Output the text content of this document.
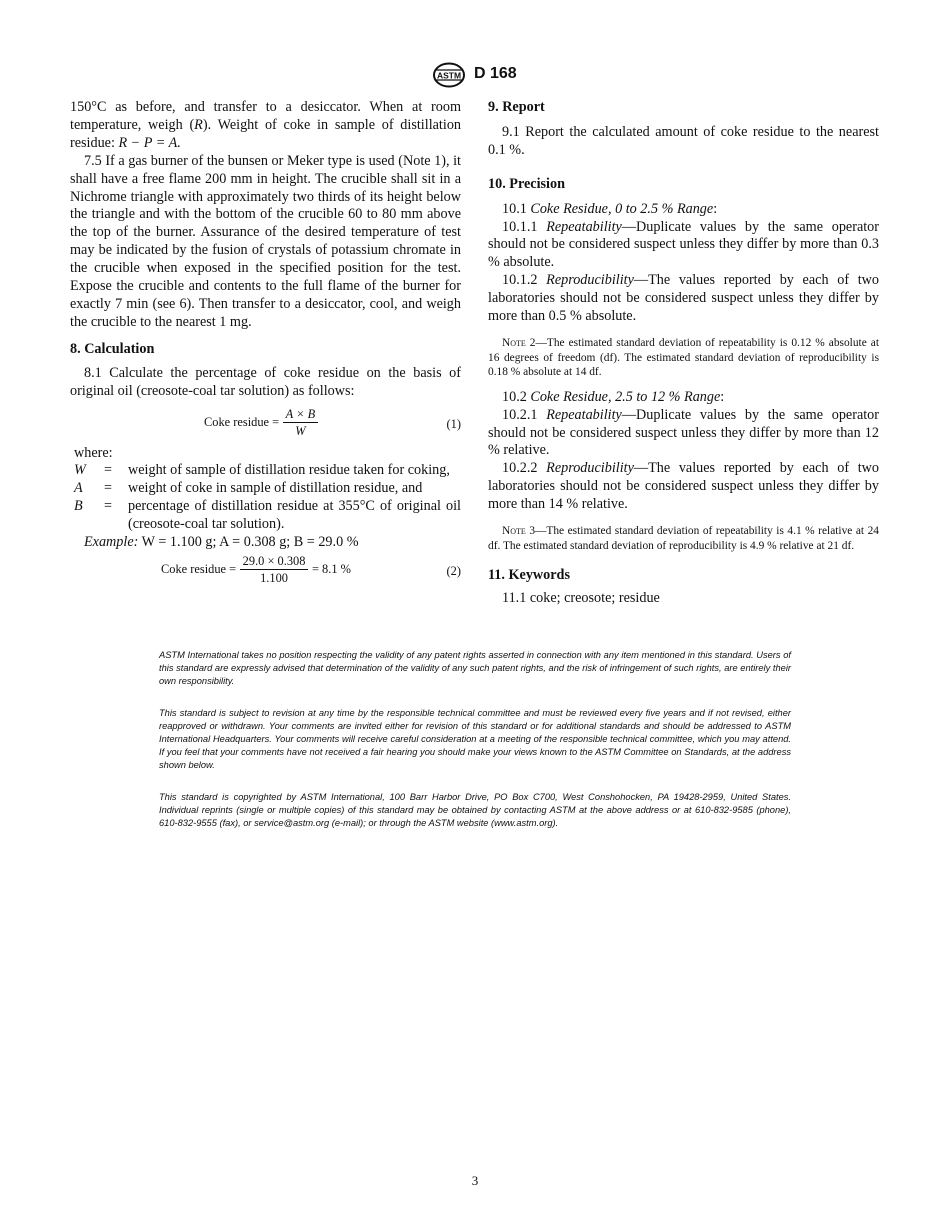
ASTM D 168

150°C as before, and transfer to a desiccator. When at room temperature, weigh (R). Weight of coke in sample of distillation residue: R − P = A.

7.5 If a gas burner of the bunsen or Meker type is used (Note 1), it shall have a free flame 200 mm in height. The crucible shall sit in a Nichrome triangle with approximately two thirds of its height below the triangle and with the bottom of the crucible 60 to 80 mm above the top of the burner. Assurance of the desired temperature of test may be indicated by the fusion of crystals of potassium chromate in the crucible when exposed in the specified position for the test. Expose the crucible and contents to the full flame of the burner for exactly 7 min (see 6). Then transfer to a desiccator, cool, and weigh the crucible to the nearest 1 mg.

8. Calculation

8.1 Calculate the percentage of coke residue on the basis of original oil (creosote-coal tar solution) as follows:

Coke residue = $\frac{A \times B}{W}$	(1)
where:
W	=	weight of sample of distillation residue taken for coking,
A	=	weight of coke in sample of distillation residue, and
B	=	percentage of distillation residue at 355°C of original oil (creosote-coal tar solution).
Example: W = 1.100 g; A = 0.308 g; B = 29.0 %
Coke residue = $\frac{29.0 \times 0.308}{1.100} = 8.1$ %	(2)
9. Report

9.1 Report the calculated amount of coke residue to the nearest 0.1 %.

10. Precision

10.1 Coke Residue, 0 to 2.5 % Range:

10.1.1 Repeatability—Duplicate values by the same operator should not be considered suspect unless they differ by more than 0.3 % absolute.

10.1.2 Reproducibility—The values reported by each of two laboratories should not be considered suspect unless they differ by more than 0.5 % absolute.

Note 2—The estimated standard deviation of repeatability is 0.12 % absolute at 16 degrees of freedom (df). The estimated standard deviation of reproducibility is 0.18 % absolute at 14 df.

10.2 Coke Residue, 2.5 to 12 % Range:

10.2.1 Repeatability—Duplicate values by the same operator should not be considered suspect unless they differ by more than 12 % relative.

10.2.2 Reproducibility—The values reported by each of two laboratories should not be considered suspect unless they differ by more than 14 % relative.

Note 3—The estimated standard deviation of repeatability is 4.1 % relative at 24 df. The estimated standard deviation of reproducibility is 4.9 % relative at 21 df.

11. Keywords

11.1 coke; creosote; residue

ASTM International takes no position respecting the validity of any patent rights asserted in connection with any item mentioned in this standard. Users of this standard are expressly advised that determination of the validity of any such patent rights, and the risk of infringement of such rights, are entirely their own responsibility.

This standard is subject to revision at any time by the responsible technical committee and must be reviewed every five years and if not revised, either reapproved or withdrawn. Your comments are invited either for revision of this standard or for additional standards and should be addressed to ASTM International Headquarters. Your comments will receive careful consideration at a meeting of the responsible technical committee, which you may attend. If you feel that your comments have not received a fair hearing you should make your views known to the ASTM Committee on Standards, at the address shown below.

This standard is copyrighted by ASTM International, 100 Barr Harbor Drive, PO Box C700, West Conshohocken, PA 19428-2959, United States. Individual reprints (single or multiple copies) of this standard may be obtained by contacting ASTM at the above address or at 610-832-9585 (phone), 610-832-9555 (fax), or service@astm.org (e-mail); or through the ASTM website (www.astm.org).

3
